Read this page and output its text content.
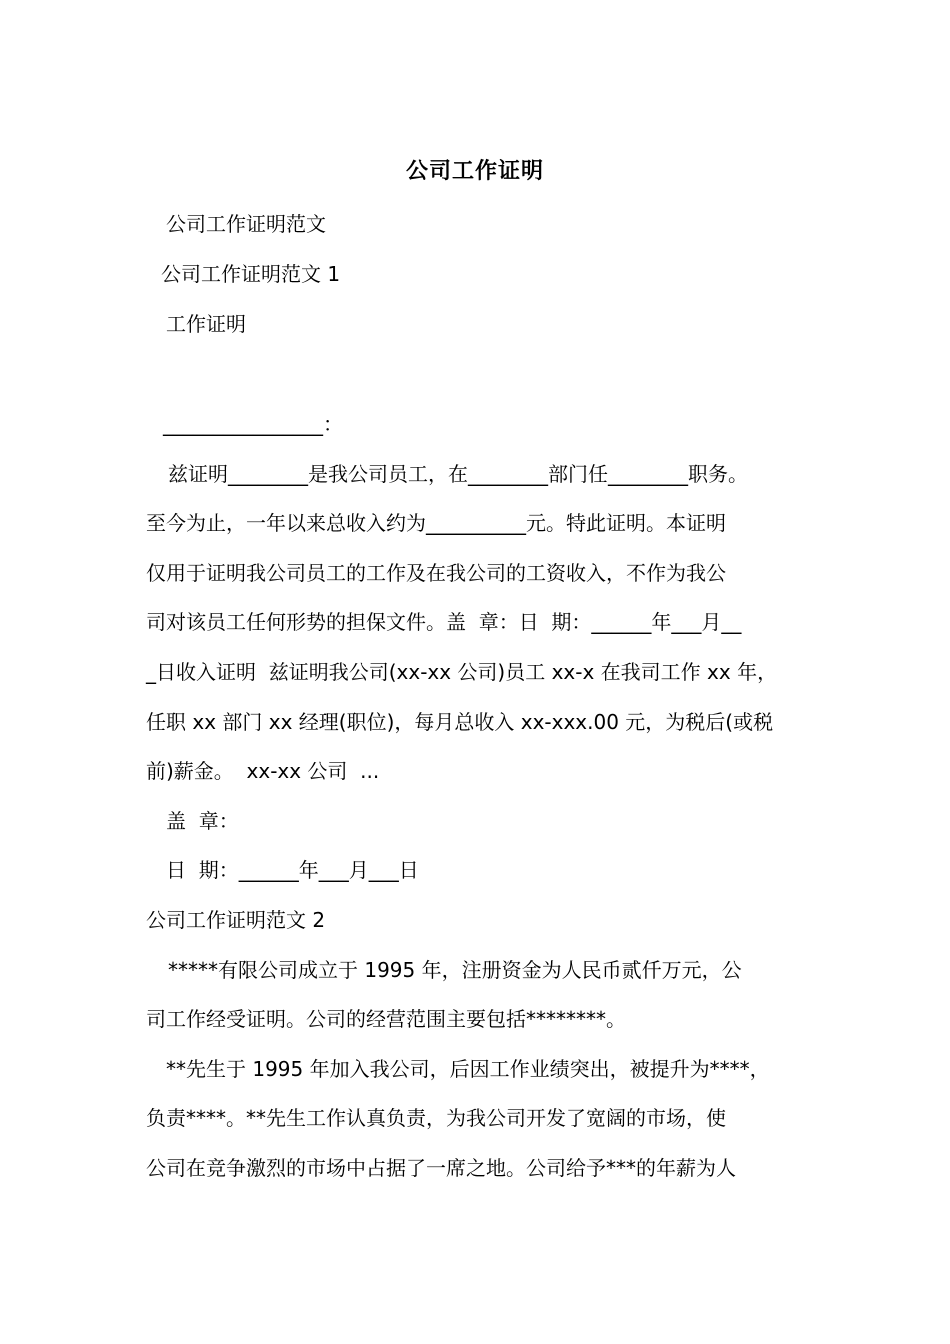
公司工作证明
公司工作证明范文
公司工作证明范文 1
工作证明
________________：
兹证明________是我公司员工，在________部门任________职务。
至今为止，一年以来总收入约为__________元。特此证明。本证明
仅用于证明我公司员工的工作及在我公司的工资收入，不作为我公
司对该员工任何形势的担保文件。盖  章：日  期：______年___月__
_日收入证明  兹证明我公司(xx-xx 公司)员工 xx-x 在我司工作 xx 年，
任职 xx 部门 xx 经理(职位)，每月总收入 xx-xxx.00 元，为税后(或税
前)薪金。  xx-xx 公司  ...
盖  章：
日  期：______年___月___日
公司工作证明范文 2
*****有限公司成立于 1995 年，注册资金为人民币贰仟万元，公
司工作经受证明。公司的经营范围主要包括********。
**先生于 1995 年加入我公司，后因工作业绩突出，被提升为****，
负责****。**先生工作认真负责，为我公司开发了宽阔的市场，使
公司在竞争激烈的市场中占据了一席之地。公司给予***的年薪为人
